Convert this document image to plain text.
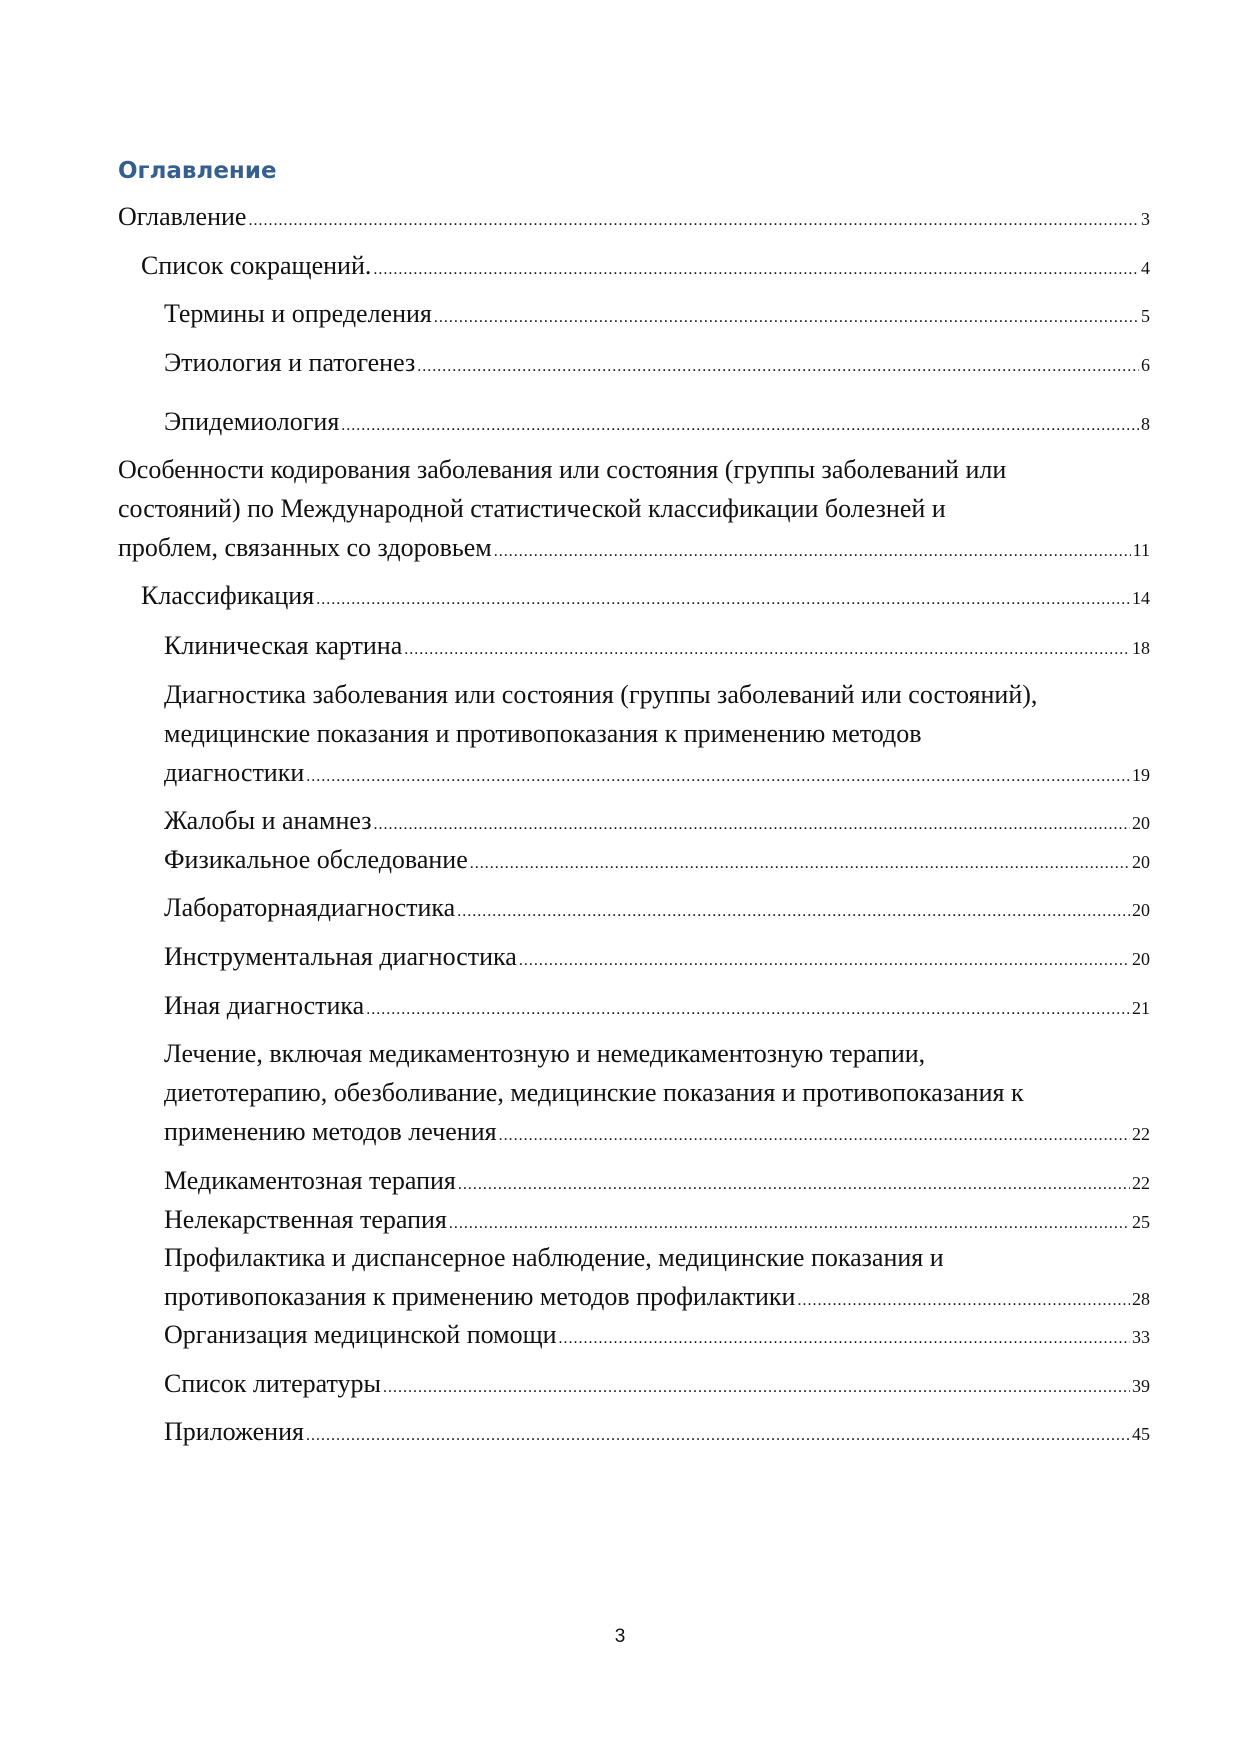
Оглавление
Оглавление .....	3
Список сокращений. .....	4
Термины и определения .....	5
Этиология и патогенез .....	6
Эпидемиология .....	8
Особенности кодирования заболевания или состояния (группы заболеваний или
состояний) по Международной статистической классификации болезней и
проблем, связанных со здоровьем .....	11
Классификация .....	14
Клиническая картина .....	18
Диагностика заболевания или состояния (группы заболеваний или состояний),
медицинские показания и противопоказания к применению методов
диагностики .....	19
Жалобы и анамнез .....	20
Физикальное обследование .....	20
Лабораторнаядиагностика .....	20
Инструментальная диагностика .....	20
Иная диагностика .....	21
Лечение, включая медикаментозную и немедикаментозную терапии,
диетотерапию, обезболивание, медицинские показания и противопоказания к
применению методов лечения .....	22
Медикаментозная терапия .....	22
Нелекарственная терапия .....	25
Профилактика и диспансерное наблюдение, медицинские показания и
противопоказания к применению методов профилактики .....	28
Организация медицинской помощи .....	33
Список литературы .....	39
Приложения .....	45
3
